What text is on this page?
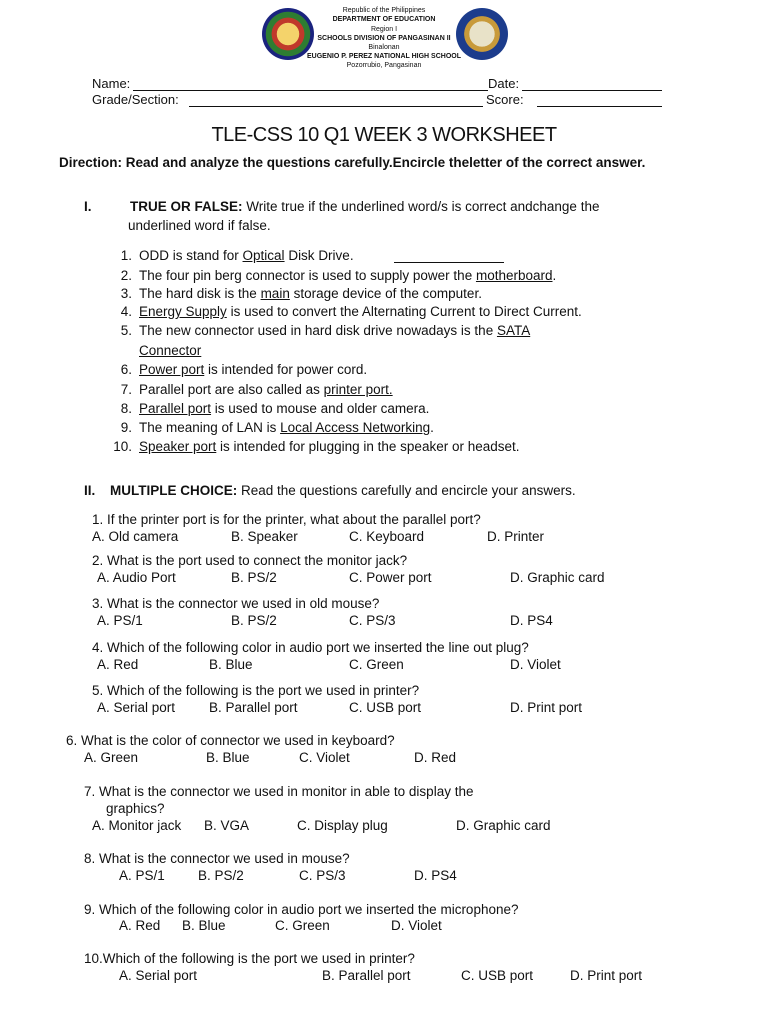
Republic of the Philippines
DEPARTMENT OF EDUCATION
Region I
SCHOOLS DIVISION OF PANGASINAN II
Binalonan
EUGENIO P. PEREZ NATIONAL HIGH SCHOOL
Pozorrubio, Pangasinan
Name:	Date:
Grade/Section:	Score:
TLE-CSS 10 Q1 WEEK 3 WORKSHEET
Direction: Read and analyze the questions carefully.Encircle theletter of the correct answer.
I.	TRUE OR FALSE: Write true if the underlined word/s is correct andchange the
underlined word if false.
1. ODD is stand for Optical Disk Drive.
2. The four pin berg connector is used to supply power the motherboard.
3. The hard disk is the main storage device of the computer.
4. Energy Supply is used to convert the Alternating Current to Direct Current.
5. The new connector used in hard disk drive nowadays is the SATA
Connector
6. Power port is intended for power cord.
7. Parallel port are also called as printer port.
8. Parallel port is used to mouse and older camera.
9. The meaning of LAN is Local Access Networking.
10. Speaker port is intended for plugging in the speaker or headset.
II. MULTIPLE CHOICE: Read the questions carefully and encircle your answers.
1. If the printer port is for the printer, what about the parallel port?
A. Old camera	B. Speaker	C. Keyboard	D. Printer
2. What is the port used to connect the monitor jack?
A. Audio Port	B. PS/2	C. Power port	D. Graphic card
3. What is the connector we used in old mouse?
A. PS/1	B. PS/2	C. PS/3	D. PS4
4. Which of the following color in audio port we inserted the line out plug?
A. Red	B. Blue	C. Green	D. Violet
5. Which of the following is the port we used in printer?
A. Serial port	B. Parallel port	C. USB port	D. Print port
6. What is the color of connector we used in keyboard?
A. Green	B. Blue	C. Violet	D. Red
7. What is the connector we used in monitor in able to display the
graphics?
A. Monitor jack B. VGA	C. Display plug	D. Graphic card
8. What is the connector we used in mouse?
A. PS/1 B. PS/2	C. PS/3	D. PS4
9. Which of the following color in audio port we inserted the microphone?
A. Red B. Blue	C. Green	D. Violet
10.Which of the following is the port we used in printer?
A. Serial port	B. Parallel port	C. USB port	D. Print port
